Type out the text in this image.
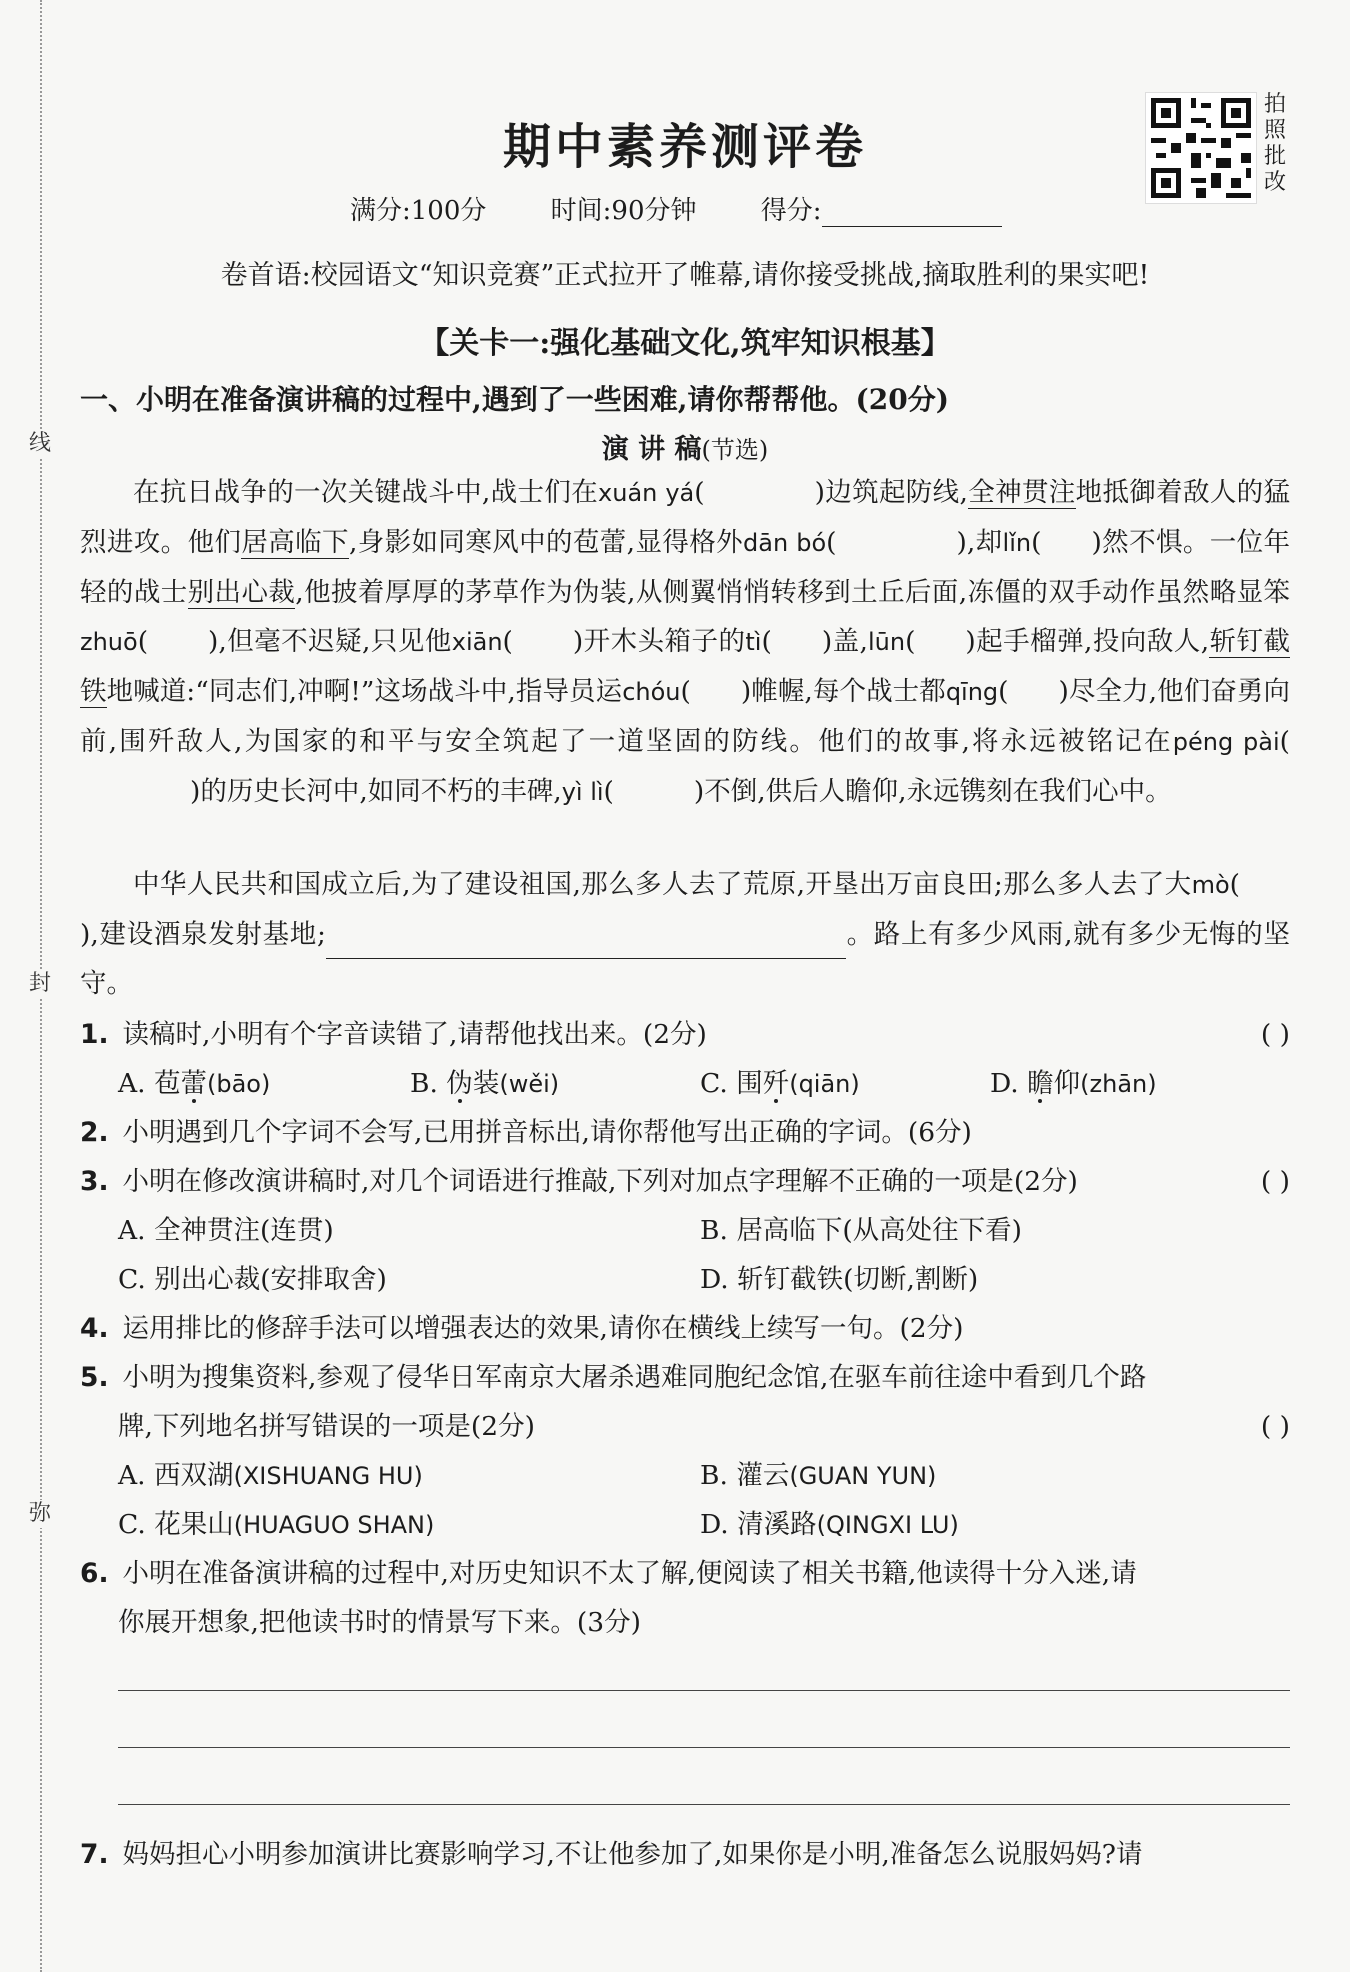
线
封
弥
期中素养测评卷
拍照批改
满分:100分 时间:90分钟 得分:
卷首语:校园语文“知识竞赛”正式拉开了帷幕,请你接受挑战,摘取胜利的果实吧!
【关卡一:强化基础文化,筑牢知识根基】
一、小明在准备演讲稿的过程中,遇到了一些困难,请你帮帮他。(20分)
演 讲 稿(节选)
在抗日战争的一次关键战斗中,战士们在xuán yá(	)边筑起防线,全神贯注地抵御着敌人的猛烈进攻。他们居高临下,身影如同寒风中的苞蕾,显得格外dān bó(	),却lǐn( )然不惧。一位年轻的战士别出心裁,他披着厚厚的茅草作为伪装,从侧翼悄悄转移到土丘后面,冻僵的双手动作虽然略显笨zhuō( ),但毫不迟疑,只见他xiān( )开木头箱子的tì( )盖,lūn( )起手榴弹,投向敌人,斩钉截铁地喊道:“同志们,冲啊!”这场战斗中,指导员运chóu( )帷幄,每个战士都qīng( )尽全力,他们奋勇向前,围歼敌人,为国家的和平与安全筑起了一道坚固的防线。他们的故事,将永远被铭记在péng pài()的历史长河中,如同不朽的丰碑,yì lì(	)不倒,供后人瞻仰,永远镌刻在我们心中。
中华人民共和国成立后,为了建设祖国,那么多人去了荒原,开垦出万亩良田;那么多人去了大mò(),建设酒泉发射基地;	。路上有多少风雨,就有多少无悔的坚守。
1. 读稿时,小明有个字音读错了,请帮他找出来。(2分)	( )
A. 苞蕾(bāo)	B. 伪装(wěi)	C. 围歼(qiān)	D. 瞻仰(zhān)
2. 小明遇到几个字词不会写,已用拼音标出,请你帮他写出正确的字词。(6分)
3. 小明在修改演讲稿时,对几个词语进行推敲,下列对加点字理解不正确的一项是(2分)	( )
A. 全神贯注(连贯)	B. 居高临下(从高处往下看)
C. 别出心裁(安排取舍)	D. 斩钉截铁(切断,割断)
4. 运用排比的修辞手法可以增强表达的效果,请你在横线上续写一句。(2分)
5. 小明为搜集资料,参观了侵华日军南京大屠杀遇难同胞纪念馆,在驱车前往途中看到几个路
牌,下列地名拼写错误的一项是(2分)	( )
A. 西双湖(XISHUANG HU)	B. 灌云(GUAN YUN)
C. 花果山(HUAGUO SHAN)	D. 清溪路(QINGXI LU)
6. 小明在准备演讲稿的过程中,对历史知识不太了解,便阅读了相关书籍,他读得十分入迷,请
你展开想象,把他读书时的情景写下来。(3分)
7. 妈妈担心小明参加演讲比赛影响学习,不让他参加了,如果你是小明,准备怎么说服妈妈?请
